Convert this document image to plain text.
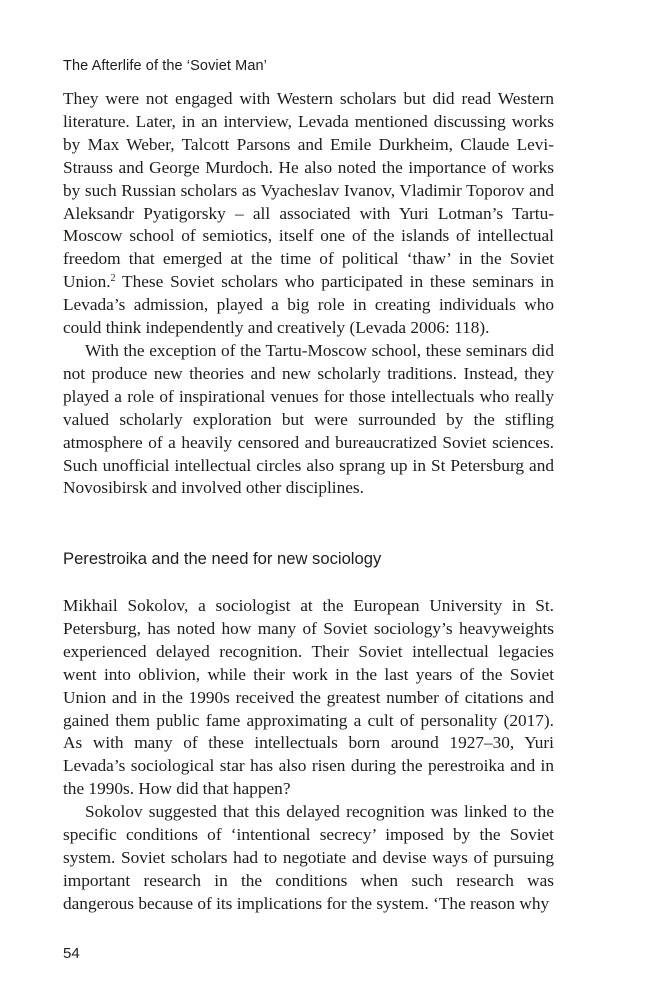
The Afterlife of the ‘Soviet Man’

They were not engaged with Western scholars but did read Western literature. Later, in an interview, Levada mentioned discussing works by Max Weber, Talcott Parsons and Emile Durkheim, Claude Levi-Strauss and George Murdoch. He also noted the importance of works by such Russian scholars as Vyacheslav Ivanov, Vladimir Toporov and Aleksandr Pyatigorsky – all associated with Yuri Lotman’s Tartu-Moscow school of semiotics, itself one of the islands of intellectual freedom that emerged at the time of political ‘thaw’ in the Soviet Union.$^2$ These Soviet scholars who participated in these seminars in Levada’s admission, played a big role in creating individuals who could think independently and creatively (Levada 2006: 118).

With the exception of the Tartu-Moscow school, these seminars did not produce new theories and new scholarly traditions. Instead, they played a role of inspirational venues for those intellectuals who really valued scholarly exploration but were surrounded by the stifling atmosphere of a heavily censored and bureaucratized Soviet sciences. Such unofficial intellectual circles also sprang up in St Petersburg and Novosibirsk and involved other disciplines.

Perestroika and the need for new sociology

Mikhail Sokolov, a sociologist at the European University in St. Petersburg, has noted how many of Soviet sociology’s heavyweights experienced delayed recognition. Their Soviet intellectual legacies went into oblivion, while their work in the last years of the Soviet Union and in the 1990s received the greatest number of citations and gained them public fame approximating a cult of personality (2017). As with many of these intellectuals born around 1927–30, Yuri Levada’s sociological star has also risen during the perestroika and in the 1990s. How did that happen?

Sokolov suggested that this delayed recognition was linked to the specific conditions of ‘intentional secrecy’ imposed by the Soviet system. Soviet scholars had to negotiate and devise ways of pursuing important research in the conditions when such research was dangerous because of its implications for the system. ‘The reason why

54
